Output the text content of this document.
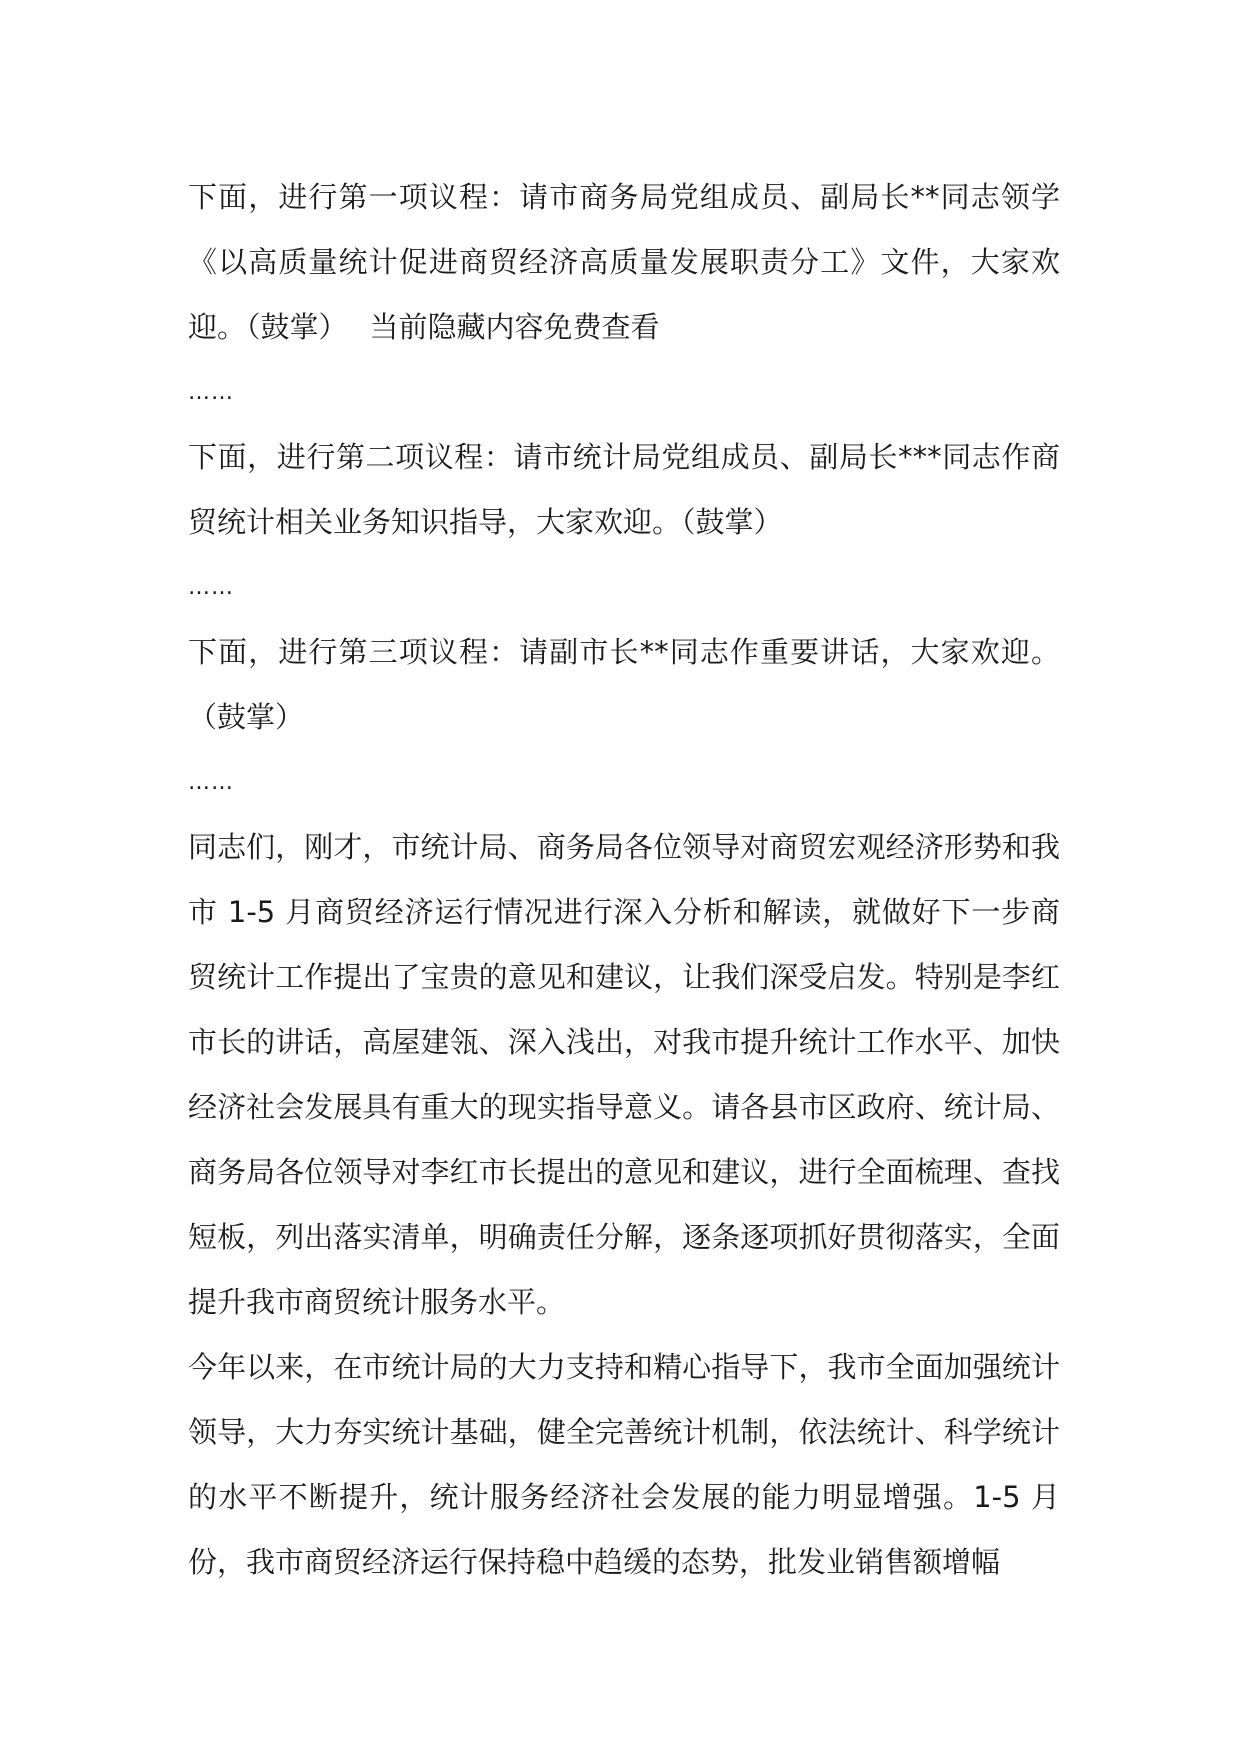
下面，进行第一项议程：请市商务局党组成员、副局长**同志领学《以高质量统计促进商贸经济高质量发展职责分工》文件，大家欢迎。（鼓掌） 当前隐藏内容免费查看

……

下面，进行第二项议程：请市统计局党组成员、副局长***同志作商贸统计相关业务知识指导，大家欢迎。（鼓掌）

……

下面，进行第三项议程：请副市长**同志作重要讲话，大家欢迎。（鼓掌）

……

同志们，刚才，市统计局、商务局各位领导对商贸宏观经济形势和我市 1-5 月商贸经济运行情况进行深入分析和解读，就做好下一步商贸统计工作提出了宝贵的意见和建议，让我们深受启发。特别是李红市长的讲话，高屋建瓴、深入浅出，对我市提升统计工作水平、加快经济社会发展具有重大的现实指导意义。请各县市区政府、统计局、商务局各位领导对李红市长提出的意见和建议，进行全面梳理、查找短板，列出落实清单，明确责任分解，逐条逐项抓好贯彻落实，全面提升我市商贸统计服务水平。

今年以来，在市统计局的大力支持和精心指导下，我市全面加强统计领导，大力夯实统计基础，健全完善统计机制，依法统计、科学统计的水平不断提升，统计服务经济社会发展的能力明显增强。1-5 月份，我市商贸经济运行保持稳中趋缓的态势，批发业销售额增幅
